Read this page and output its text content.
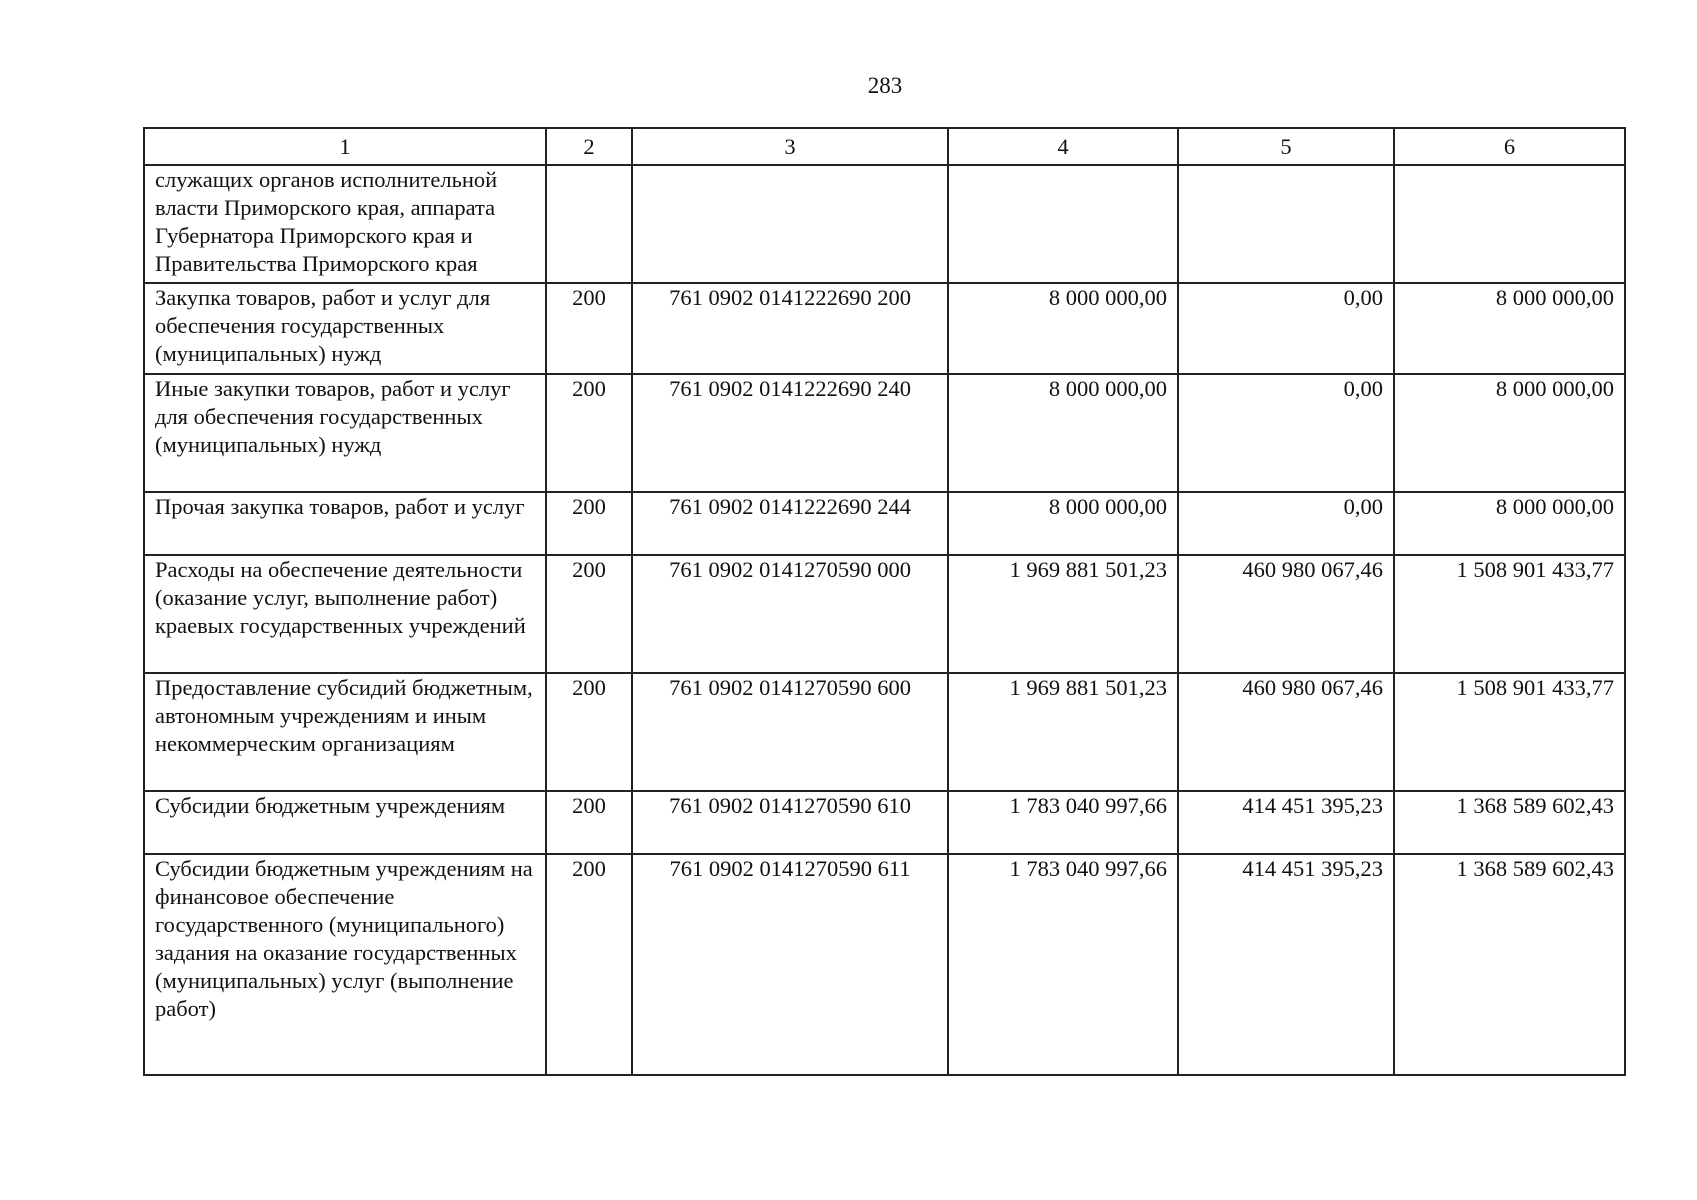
283
1	2	3	4	5	6
служащих органов исполнительной власти Приморского края, аппарата Губернатора Приморского края и Правительства Приморского края					
Закупка товаров, работ и услуг для обеспечения государственных (муниципальных) нужд	200	761 0902 0141222690 200	8 000 000,00	0,00	8 000 000,00
Иные закупки товаров, работ и услуг для обеспечения государственных (муниципальных) нужд	200	761 0902 0141222690 240	8 000 000,00	0,00	8 000 000,00
Прочая закупка товаров, работ и услуг	200	761 0902 0141222690 244	8 000 000,00	0,00	8 000 000,00
Расходы на обеспечение деятельности (оказание услуг, выполнение работ) краевых государственных учреждений	200	761 0902 0141270590 000	1 969 881 501,23	460 980 067,46	1 508 901 433,77
Предоставление субсидий бюджетным, автономным учреждениям и иным некоммерческим организациям	200	761 0902 0141270590 600	1 969 881 501,23	460 980 067,46	1 508 901 433,77
Субсидии бюджетным учреждениям	200	761 0902 0141270590 610	1 783 040 997,66	414 451 395,23	1 368 589 602,43
Субсидии бюджетным учреждениям на финансовое обеспечение государственного (муниципального) задания на оказание государственных (муниципальных) услуг (выполнение работ)	200	761 0902 0141270590 611	1 783 040 997,66	414 451 395,23	1 368 589 602,43
